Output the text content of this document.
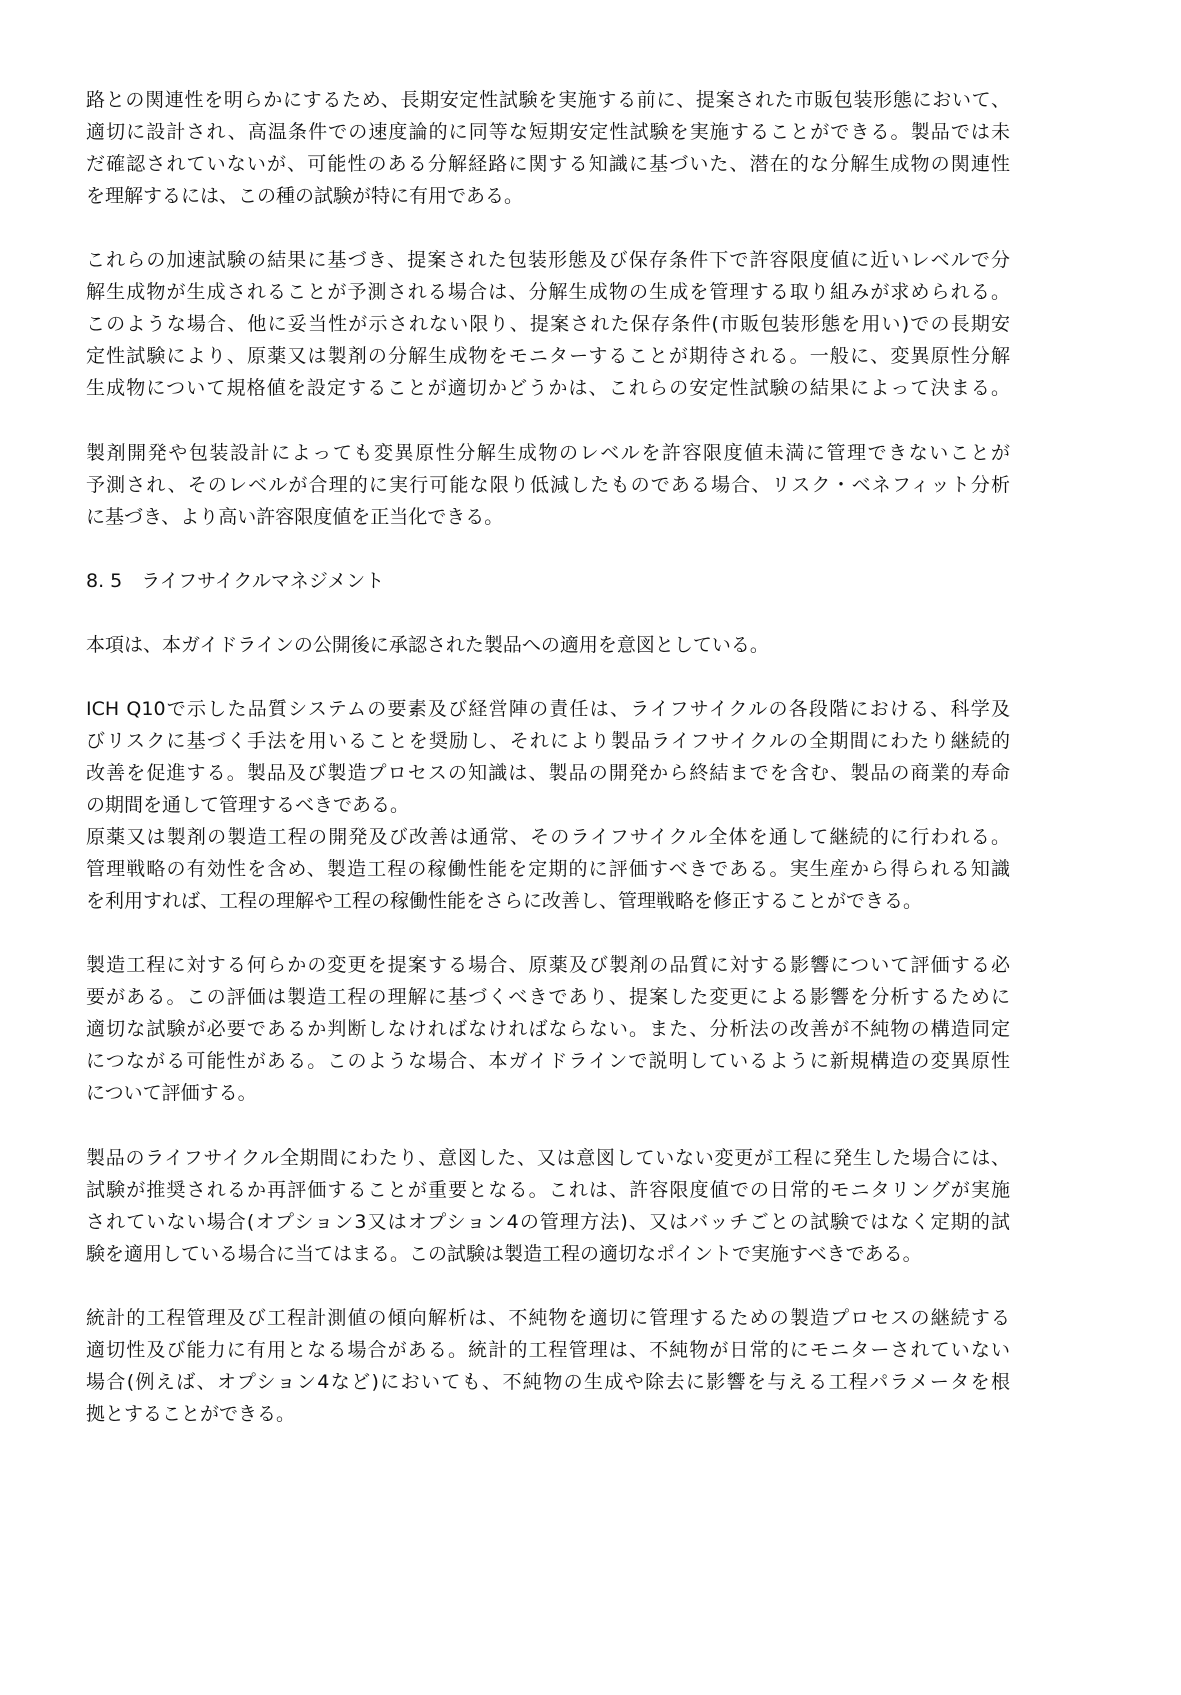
路との関連性を明らかにするため、長期安定性試験を実施する前に、提案された市販包装形態において、
適切に設計され、高温条件での速度論的に同等な短期安定性試験を実施することができる。製品では未
だ確認されていないが、可能性のある分解経路に関する知識に基づいた、潜在的な分解生成物の関連性
を理解するには、この種の試験が特に有用である。

これらの加速試験の結果に基づき、提案された包装形態及び保存条件下で許容限度値に近いレベルで分
解生成物が生成されることが予測される場合は、分解生成物の生成を管理する取り組みが求められる。
このような場合、他に妥当性が示されない限り、提案された保存条件(市販包装形態を用い)での長期安
定性試験により、原薬又は製剤の分解生成物をモニターすることが期待される。一般に、変異原性分解
生成物について規格値を設定することが適切かどうかは、これらの安定性試験の結果によって決まる。

製剤開発や包装設計によっても変異原性分解生成物のレベルを許容限度値未満に管理できないことが
予測され、そのレベルが合理的に実行可能な限り低減したものである場合、リスク・ベネフィット分析
に基づき、より高い許容限度値を正当化できる。

8. 5　ライフサイクルマネジメント

本項は、本ガイドラインの公開後に承認された製品への適用を意図としている。

ICH Q10で示した品質システムの要素及び経営陣の責任は、ライフサイクルの各段階における、科学及
びリスクに基づく手法を用いることを奨励し、それにより製品ライフサイクルの全期間にわたり継続的
改善を促進する。製品及び製造プロセスの知識は、製品の開発から終結までを含む、製品の商業的寿命
の期間を通して管理するべきである。

原薬又は製剤の製造工程の開発及び改善は通常、そのライフサイクル全体を通して継続的に行われる。
管理戦略の有効性を含め、製造工程の稼働性能を定期的に評価すべきである。実生産から得られる知識
を利用すれば、工程の理解や工程の稼働性能をさらに改善し、管理戦略を修正することができる。

製造工程に対する何らかの変更を提案する場合、原薬及び製剤の品質に対する影響について評価する必
要がある。この評価は製造工程の理解に基づくべきであり、提案した変更による影響を分析するために
適切な試験が必要であるか判断しなければなければならない。また、分析法の改善が不純物の構造同定
につながる可能性がある。このような場合、本ガイドラインで説明しているように新規構造の変異原性
について評価する。

製品のライフサイクル全期間にわたり、意図した、又は意図していない変更が工程に発生した場合には、
試験が推奨されるか再評価することが重要となる。これは、許容限度値での日常的モニタリングが実施
されていない場合(オプション3又はオプション4の管理方法)、又はバッチごとの試験ではなく定期的試
験を適用している場合に当てはまる。この試験は製造工程の適切なポイントで実施すべきである。

統計的工程管理及び工程計測値の傾向解析は、不純物を適切に管理するための製造プロセスの継続する
適切性及び能力に有用となる場合がある。統計的工程管理は、不純物が日常的にモニターされていない
場合(例えば、オプション4など)においても、不純物の生成や除去に影響を与える工程パラメータを根
拠とすることができる。
